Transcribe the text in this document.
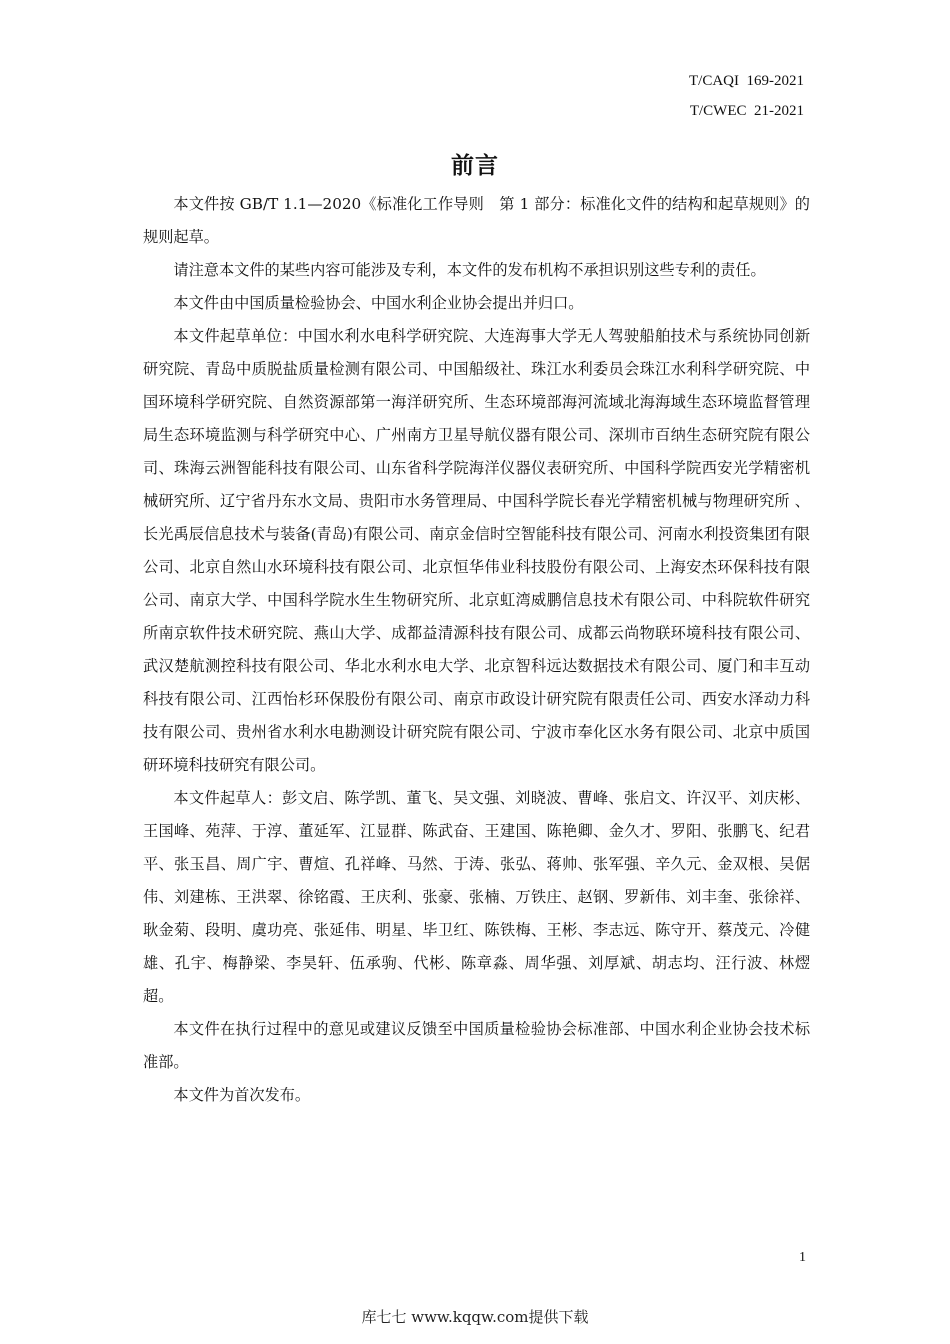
T/CAQI  169-2021
T/CWEC  21-2021
前言

本文件按 GB/T 1.1—2020《标准化工作导则　第 1 部分：标准化文件的结构和起草规则》的规则起草。

请注意本文件的某些内容可能涉及专利，本文件的发布机构不承担识别这些专利的责任。

本文件由中国质量检验协会、中国水利企业协会提出并归口。

本文件起草单位：中国水利水电科学研究院、大连海事大学无人驾驶船舶技术与系统协同创新研究院、青岛中质脱盐质量检测有限公司、中国船级社、珠江水利委员会珠江水利科学研究院、中国环境科学研究院、自然资源部第一海洋研究所、生态环境部海河流域北海海域生态环境监督管理局生态环境监测与科学研究中心、广州南方卫星导航仪器有限公司、深圳市百纳生态研究院有限公司、珠海云洲智能科技有限公司、山东省科学院海洋仪器仪表研究所、中国科学院西安光学精密机械研究所、辽宁省丹东水文局、贵阳市水务管理局、中国科学院长春光学精密机械与物理研究所 、长光禹辰信息技术与装备(青岛)有限公司、南京金信时空智能科技有限公司、河南水利投资集团有限公司、北京自然山水环境科技有限公司、北京恒华伟业科技股份有限公司、上海安杰环保科技有限公司、南京大学、中国科学院水生生物研究所、北京虹湾威鹏信息技术有限公司、中科院软件研究所南京软件技术研究院、燕山大学、成都益清源科技有限公司、成都云尚物联环境科技有限公司、武汉楚航测控科技有限公司、华北水利水电大学、北京智科远达数据技术有限公司、厦门和丰互动科技有限公司、江西怡杉环保股份有限公司、南京市政设计研究院有限责任公司、西安水泽动力科技有限公司、贵州省水利水电勘测设计研究院有限公司、宁波市奉化区水务有限公司、北京中质国研环境科技研究有限公司。

本文件起草人：彭文启、陈学凯、董飞、吴文强、刘晓波、曹峰、张启文、许汉平、刘庆彬、王国峰、苑萍、于淳、董延军、江显群、陈武奋、王建国、陈艳卿、金久才、罗阳、张鹏飞、纪君平、张玉昌、周广宇、曹煊、孔祥峰、马然、于涛、张弘、蒋帅、张军强、辛久元、金双根、吴倨伟、刘建栋、王洪翠、徐铭霞、王庆利、张豪、张楠、万铁庄、赵钢、罗新伟、刘丰奎、张徐祥、耿金菊、段明、虞功亮、张延伟、明星、毕卫红、陈铁梅、王彬、李志远、陈守开、蔡茂元、冷健雄、孔宇、梅静梁、李昊轩、伍承驹、代彬、陈章淼、周华强、刘厚斌、胡志均、汪行波、林熤超。

本文件在执行过程中的意见或建议反馈至中国质量检验协会标准部、中国水利企业协会技术标准部。

本文件为首次发布。

1
库七七 www.kqqw.com提供下载
